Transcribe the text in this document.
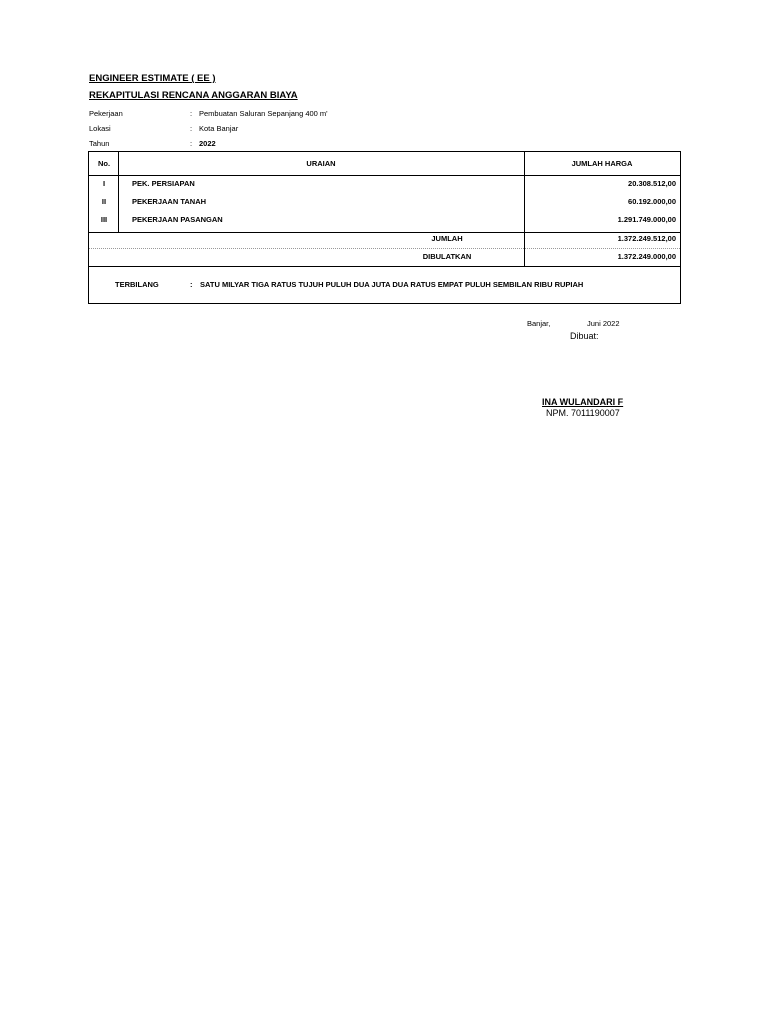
ENGINEER ESTIMATE ( EE )
REKAPITULASI RENCANA ANGGARAN BIAYA
Pekerjaan	: Pembuatan Saluran Sepanjang 400 m'
Lokasi	: Kota Banjar
Tahun	: 2022
No.	URAIAN	JUMLAH HARGA
I	PEK. PERSIAPAN	20.308.512,00
II	PEKERJAAN TANAH	60.192.000,00
III	PEKERJAAN PASANGAN	1.291.749.000,00
JUMLAH	1.372.249.512,00
DIBULATKAN	1.372.249.000,00
TERBILANG	: SATU MILYAR TIGA RATUS TUJUH PULUH DUA JUTA DUA RATUS EMPAT PULUH SEMBILAN RIBU RUPIAH
Banjar,	Juni 2022
Dibuat:
INA WULANDARI F
NPM. 7011190007
